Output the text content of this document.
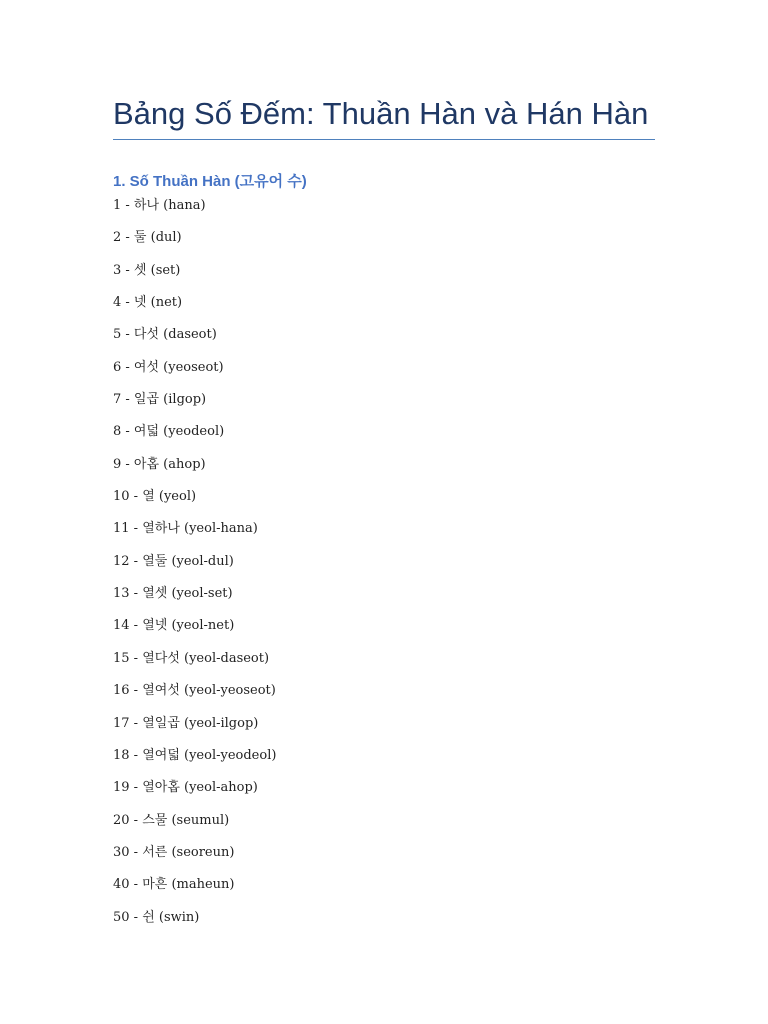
Bảng Số Đếm: Thuần Hàn và Hán Hàn
1. Số Thuần Hàn (고유어 수)
1 - 하나 (hana)
2 - 둘 (dul)
3 - 셋 (set)
4 - 넷 (net)
5 - 다섯 (daseot)
6 - 여섯 (yeoseot)
7 - 일곱 (ilgop)
8 - 여덟 (yeodeol)
9 - 아홉 (ahop)
10 - 열 (yeol)
11 - 열하나 (yeol-hana)
12 - 열둘 (yeol-dul)
13 - 열셋 (yeol-set)
14 - 열넷 (yeol-net)
15 - 열다섯 (yeol-daseot)
16 - 열여섯 (yeol-yeoseot)
17 - 열일곱 (yeol-ilgop)
18 - 열여덟 (yeol-yeodeol)
19 - 열아홉 (yeol-ahop)
20 - 스물 (seumul)
30 - 서른 (seoreun)
40 - 마흔 (maheun)
50 - 쉰 (swin)
